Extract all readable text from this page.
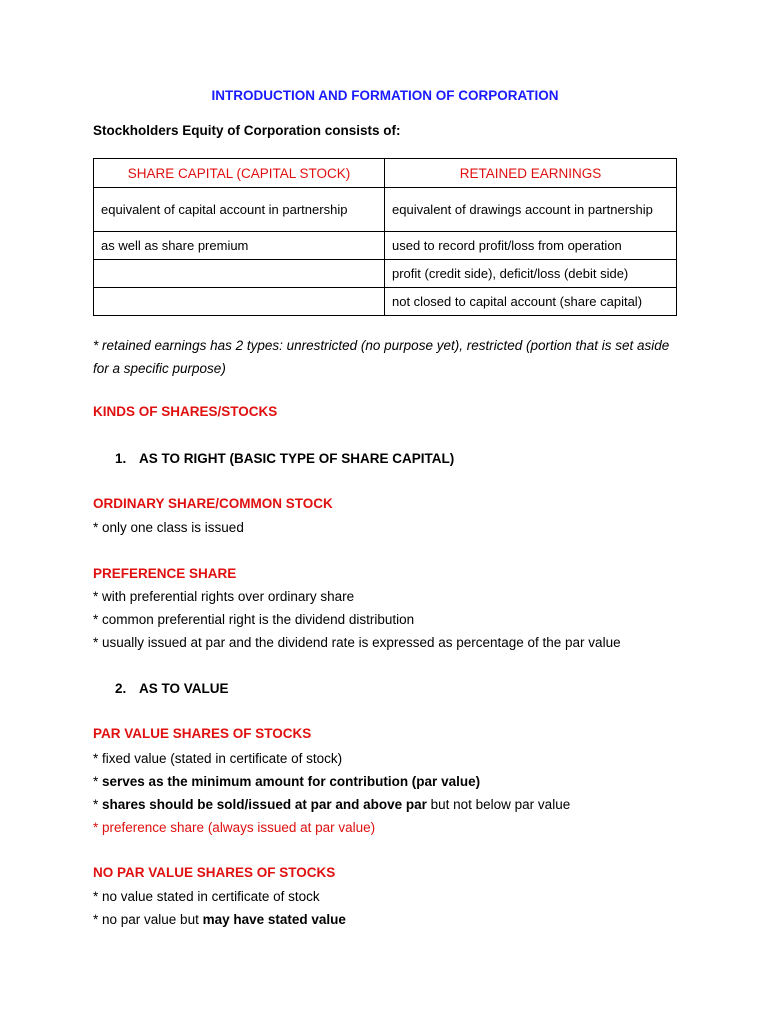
INTRODUCTION AND FORMATION OF CORPORATION
Stockholders Equity of Corporation consists of:
SHARE CAPITAL (CAPITAL STOCK)	RETAINED EARNINGS
equivalent of capital account in partnership	equivalent of drawings account in partnership
as well as share premium	used to record profit/loss from operation
	profit (credit side), deficit/loss (debit side)
	not closed to capital account (share capital)
* retained earnings has 2 types: unrestricted (no purpose yet), restricted (portion that is set aside for a specific purpose)
KINDS OF SHARES/STOCKS
1. AS TO RIGHT (BASIC TYPE OF SHARE CAPITAL)
ORDINARY SHARE/COMMON STOCK
* only one class is issued
PREFERENCE SHARE
* with preferential rights over ordinary share
* common preferential right is the dividend distribution
* usually issued at par and the dividend rate is expressed as percentage of the par value
2. AS TO VALUE
PAR VALUE SHARES OF STOCKS
* fixed value (stated in certificate of stock)
* serves as the minimum amount for contribution (par value)
* shares should be sold/issued at par and above par but not below par value
* preference share (always issued at par value)
NO PAR VALUE SHARES OF STOCKS
* no value stated in certificate of stock
* no par value but may have stated value
